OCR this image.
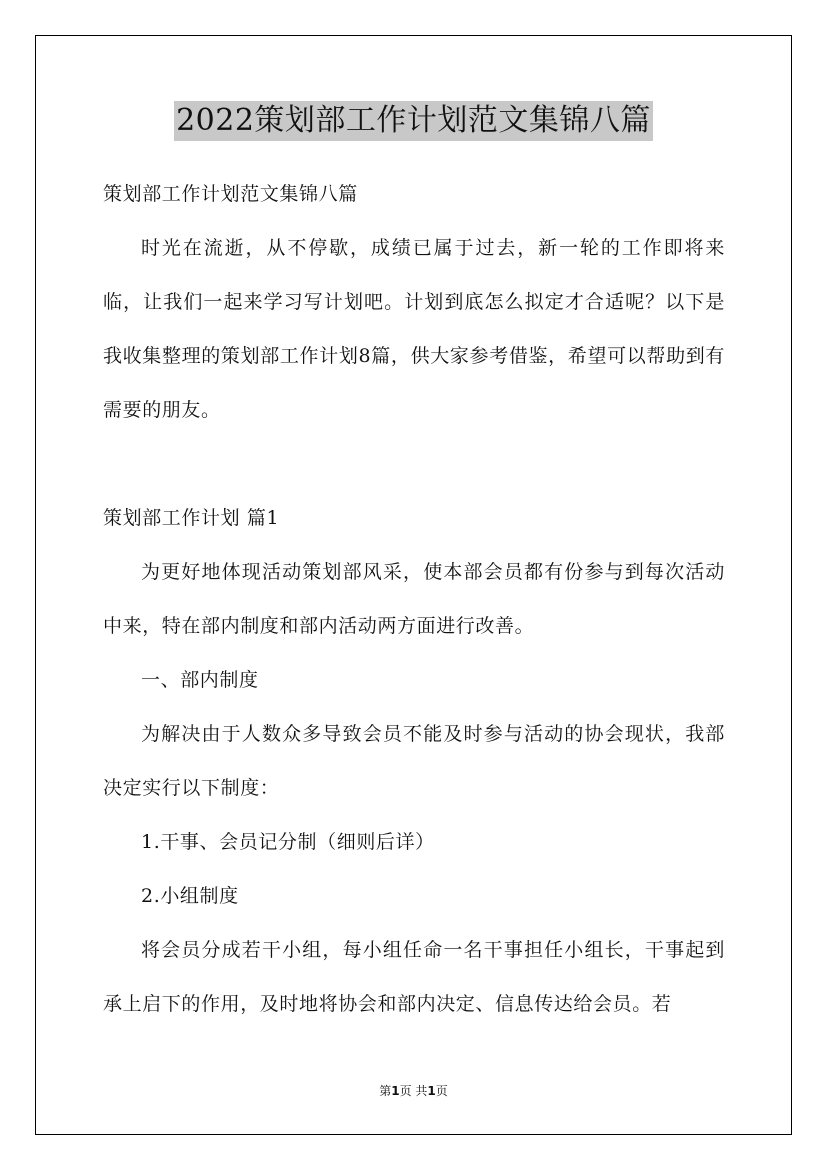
2022策划部工作计划范文集锦八篇

策划部工作计划范文集锦八篇

时光在流逝，从不停歇，成绩已属于过去，新一轮的工作即将来临，让我们一起来学习写计划吧。计划到底怎么拟定才合适呢？以下是我收集整理的策划部工作计划8篇，供大家参考借鉴，希望可以帮助到有需要的朋友。

策划部工作计划 篇1

为更好地体现活动策划部风采，使本部会员都有份参与到每次活动中来，特在部内制度和部内活动两方面进行改善。

一、部内制度

为解决由于人数众多导致会员不能及时参与活动的协会现状，我部决定实行以下制度：

1.干事、会员记分制（细则后详）

2.小组制度

将会员分成若干小组，每小组任命一名干事担任小组长，干事起到承上启下的作用，及时地将协会和部内决定、信息传达给会员。若

第1页 共1页
